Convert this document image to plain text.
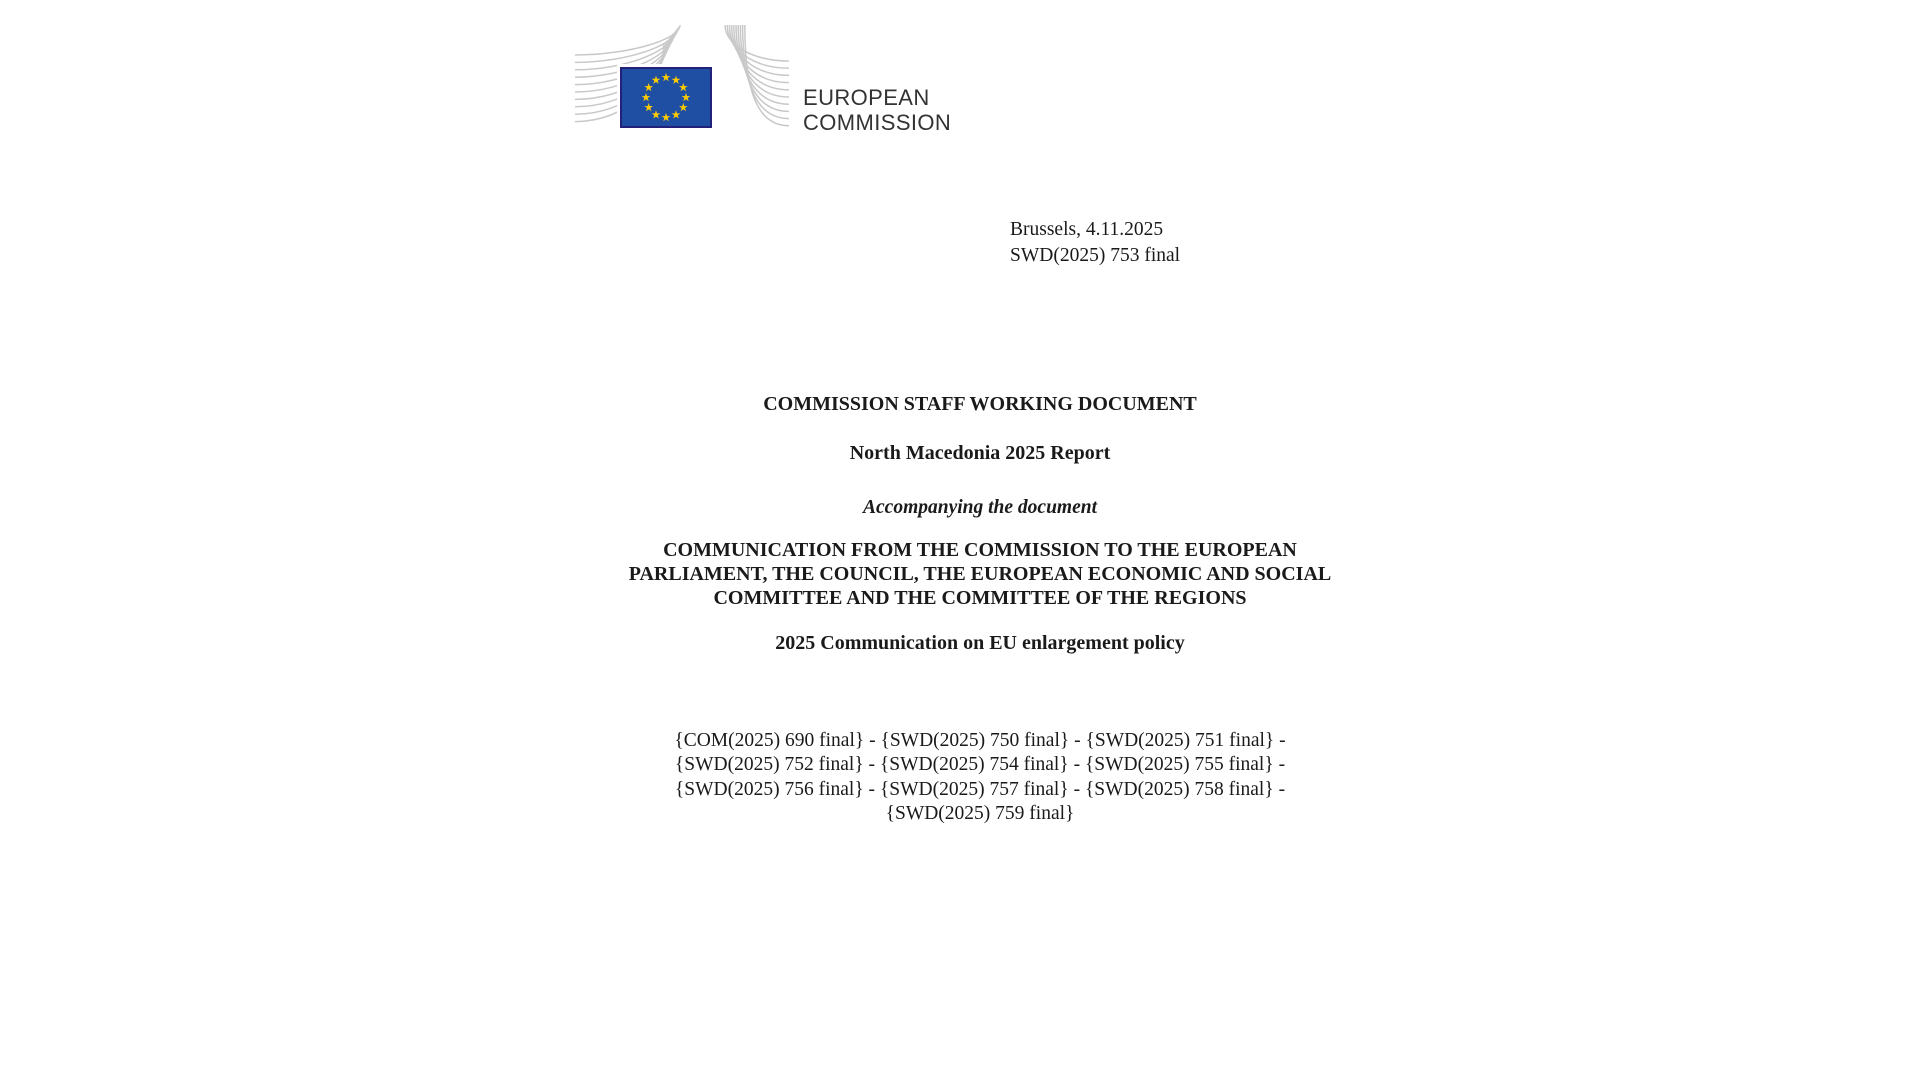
EUROPEAN
COMMISSION
Brussels, 4.11.2025
SWD(2025) 753 final
COMMISSION STAFF WORKING DOCUMENT
North Macedonia 2025 Report
Accompanying the document
COMMUNICATION FROM THE COMMISSION TO THE EUROPEAN
PARLIAMENT, THE COUNCIL, THE EUROPEAN ECONOMIC AND SOCIAL
COMMITTEE AND THE COMMITTEE OF THE REGIONS
2025 Communication on EU enlargement policy
{COM(2025) 690 final} - {SWD(2025) 750 final} - {SWD(2025) 751 final} -
{SWD(2025) 752 final} - {SWD(2025) 754 final} - {SWD(2025) 755 final} -
{SWD(2025) 756 final} - {SWD(2025) 757 final} - {SWD(2025) 758 final} -
{SWD(2025) 759 final}
